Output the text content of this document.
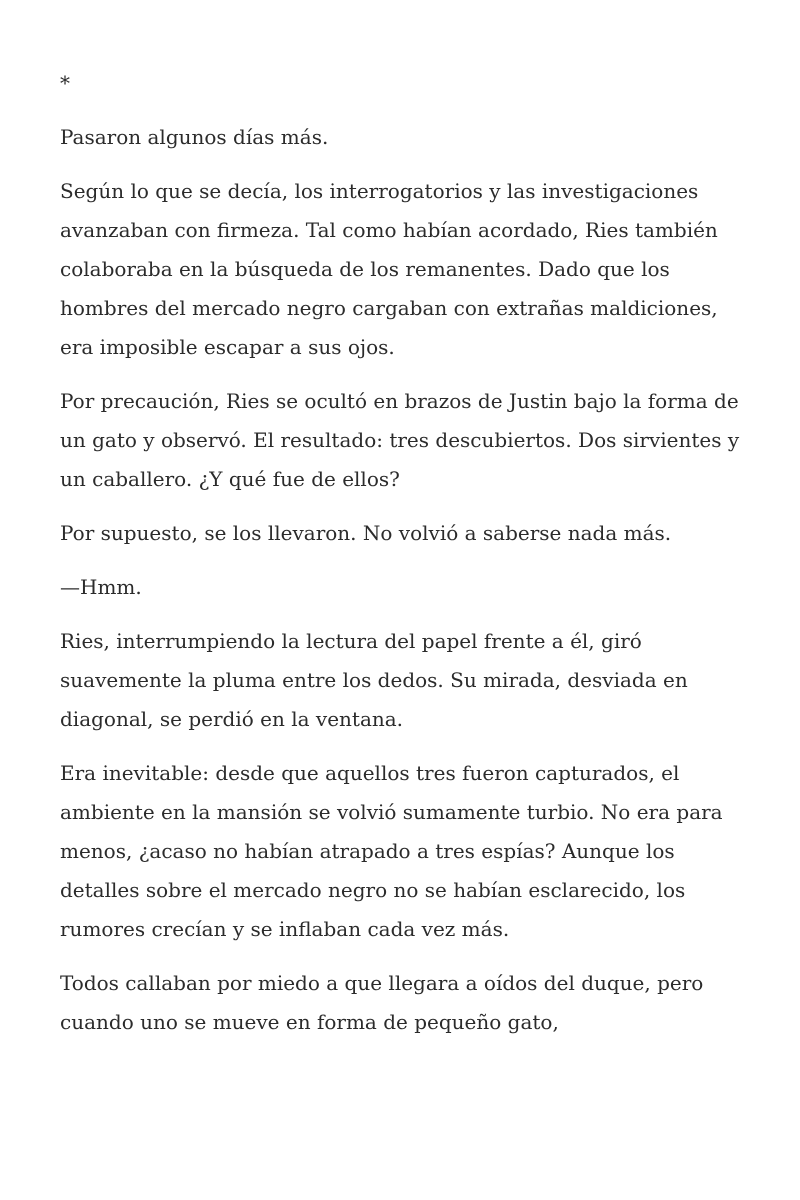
*

Pasaron algunos días más.

Según lo que se decía, los interrogatorios y las investigaciones avanzaban con firmeza. Tal como habían acordado, Ries también colaboraba en la búsqueda de los remanentes. Dado que los hombres del mercado negro cargaban con extrañas maldiciones, era imposible escapar a sus ojos.

Por precaución, Ries se ocultó en brazos de Justin bajo la forma de un gato y observó. El resultado: tres descubiertos. Dos sirvientes y un caballero. ¿Y qué fue de ellos?

Por supuesto, se los llevaron. No volvió a saberse nada más.

—Hmm.

Ries, interrumpiendo la lectura del papel frente a él, giró suavemente la pluma entre los dedos. Su mirada, desviada en diagonal, se perdió en la ventana.

Era inevitable: desde que aquellos tres fueron capturados, el ambiente en la mansión se volvió sumamente turbio. No era para menos, ¿acaso no habían atrapado a tres espías? Aunque los detalles sobre el mercado negro no se habían esclarecido, los rumores crecían y se inflaban cada vez más.

Todos callaban por miedo a que llegara a oídos del duque, pero cuando uno se mueve en forma de pequeño gato,
